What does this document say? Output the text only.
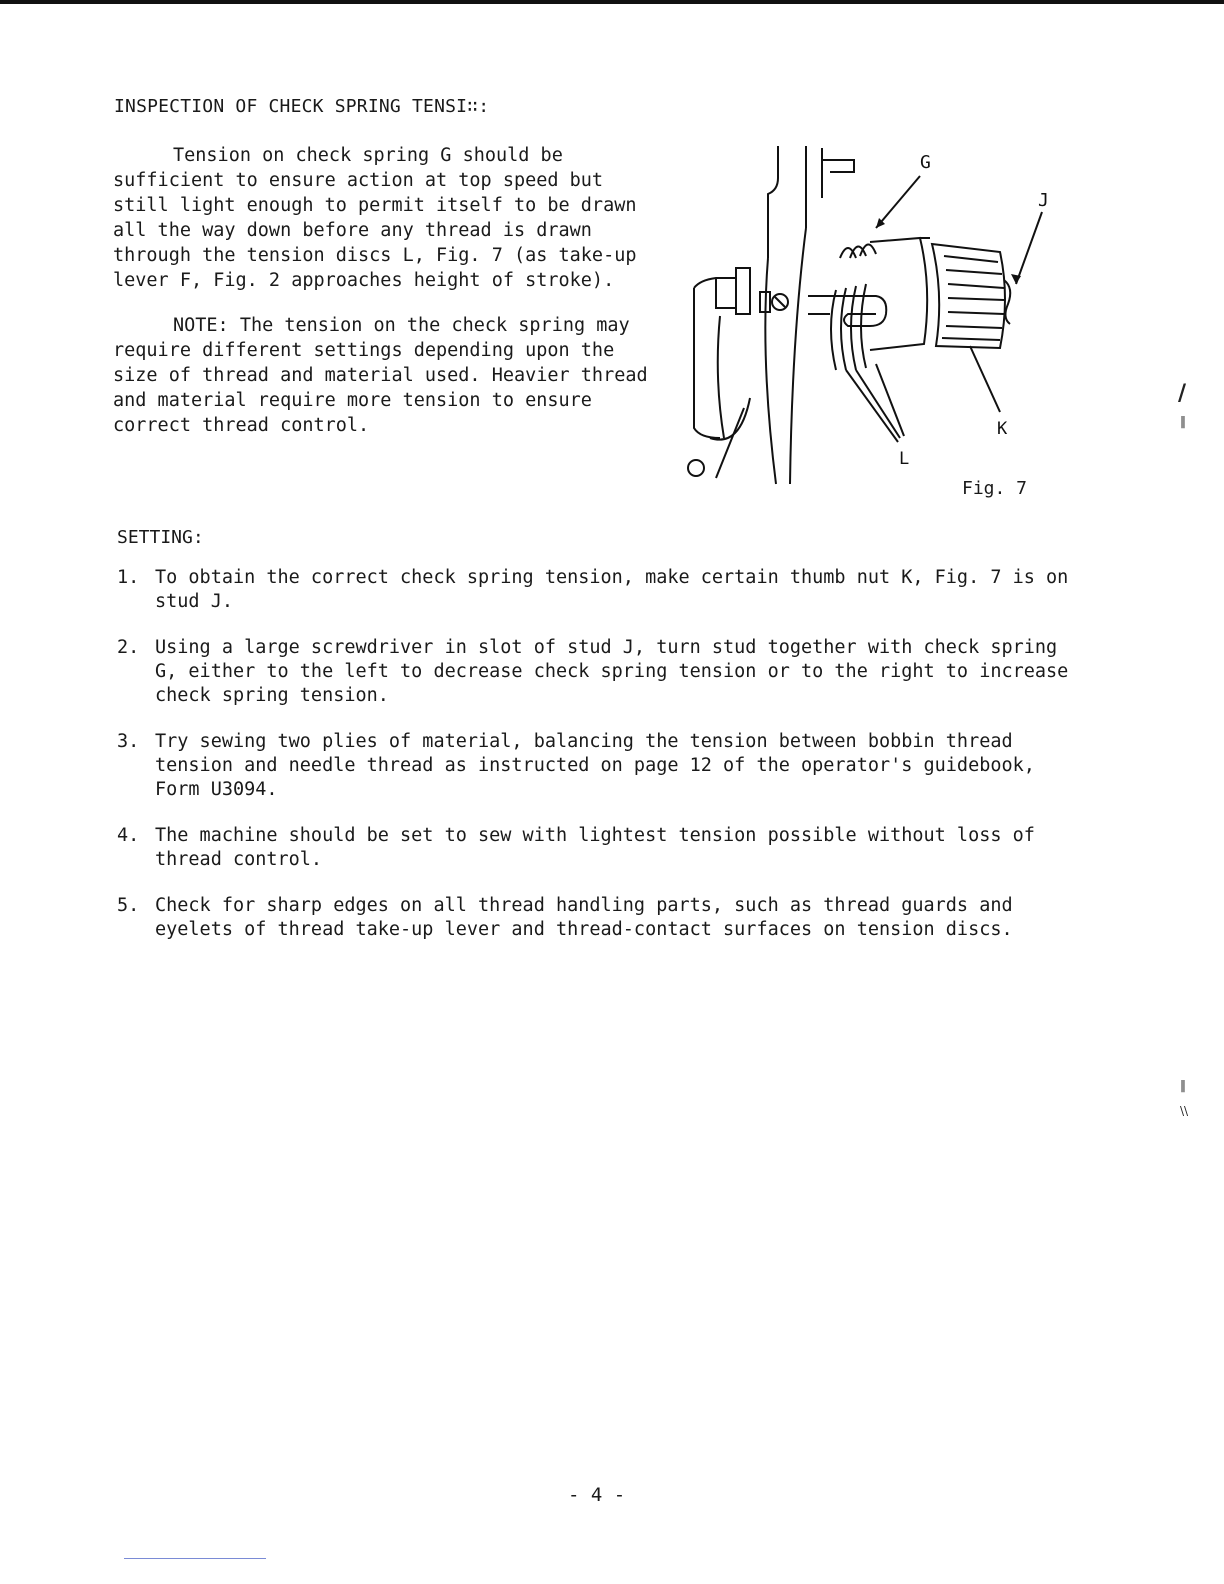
INSPECTION OF CHECK SPRING TENSI∷:

Tension on check spring G should be sufficient to ensure action at top speed but still light enough to permit itself to be drawn all the way down before any thread is drawn through the tension discs L, Fig. 7 (as take-up lever F, Fig. 2 approaches height of stroke).

NOTE: The tension on the check spring may require different settings depending upon the size of thread and material used. Heavier thread and material require more tension to ensure correct thread control.

G
J
K
L
Fig. 7
SETTING:
1. To obtain the correct check spring tension, make certain thumb nut K, Fig. 7 is on stud J.
2. Using a large screwdriver in slot of stud J, turn stud together with check spring G, either to the left to decrease check spring tension or to the right to increase check spring tension.
3. Try sewing two plies of material, balancing the tension between bobbin thread tension and needle thread as instructed on page 12 of the operator's guidebook, Form U3094.
4. The machine should be set to sew with lightest tension possible without loss of thread control.
5. Check for sharp edges on all thread handling parts, such as thread guards and eyelets of thread take-up lever and thread-contact surfaces on tension discs.
- 4 -
/
‖
‖
\\
